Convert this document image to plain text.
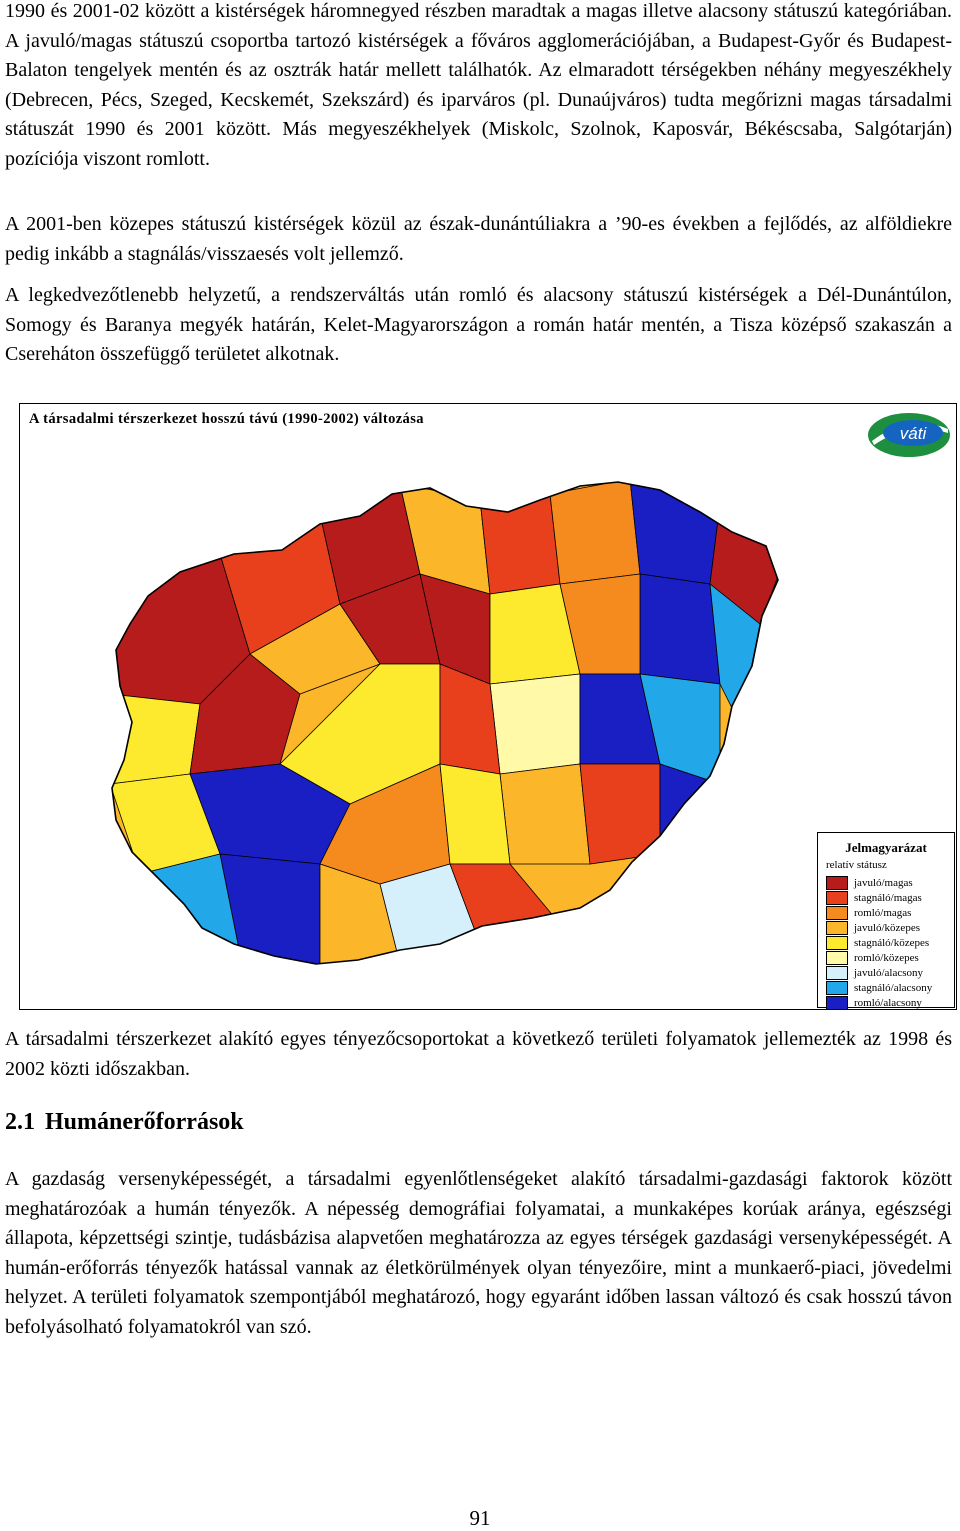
1990 és 2001-02 között a kistérségek háromnegyed részben maradtak a magas illetve alacsony státuszú kategóriában. A javuló/magas státuszú csoportba tartozó kistérségek a főváros agglomerációjában, a Budapest-Győr és Budapest-Balaton tengelyek mentén és az osztrák határ mellett találhatók. Az elmaradott térségekben néhány megyeszékhely (Debrecen, Pécs, Szeged, Kecskemét, Szekszárd) és iparváros (pl. Dunaújváros) tudta megőrizni magas társadalmi státuszát 1990 és 2001 között. Más megyeszékhelyek (Miskolc, Szolnok, Kaposvár, Békéscsaba, Salgótarján) pozíciója viszont romlott.

A 2001-ben közepes státuszú kistérségek közül az észak-dunántúliakra a ’90-es években a fejlődés, az alföldiekre pedig inkább a stagnálás/visszaesés volt jellemző.

A legkedvezőtlenebb helyzetű, a rendszerváltás után romló és alacsony státuszú kistérségek a Dél-Dunántúlon, Somogy és Baranya megyék határán, Kelet-Magyarországon a román határ mentén, a Tisza középső szakaszán a Csereháton összefüggő területet alkotnak.

A társadalmi térszerkezet hosszú távú (1990-2002) változása
váti
Jelmagyarázat
relatív státusz
javuló/magas
stagnáló/magas
romló/magas
javuló/közepes
stagnáló/közepes
romló/közepes
javuló/alacsony
stagnáló/alacsony
romló/alacsony

A társadalmi térszerkezet alakító egyes tényezőcsoportokat a következő területi folyamatok jellemezték az 1998 és 2002 közti időszakban.

2.1 Humánerőforrások

A gazdaság versenyképességét, a társadalmi egyenlőtlenségeket alakító társadalmi-gazdasági faktorok között meghatározóak a humán tényezők. A népesség demográfiai folyamatai, a munkaképes korúak aránya, egészségi állapota, képzettségi szintje, tudásbázisa alapvetően meghatározza az egyes térségek gazdasági versenyképességét. A humán-erőforrás tényezők hatással vannak az életkörülmények olyan tényezőire, mint a munkaerő-piaci, jövedelmi helyzet. A területi folyamatok szempontjából meghatározó, hogy egyaránt időben lassan változó és csak hosszú távon befolyásolható folyamatokról van szó.

91
